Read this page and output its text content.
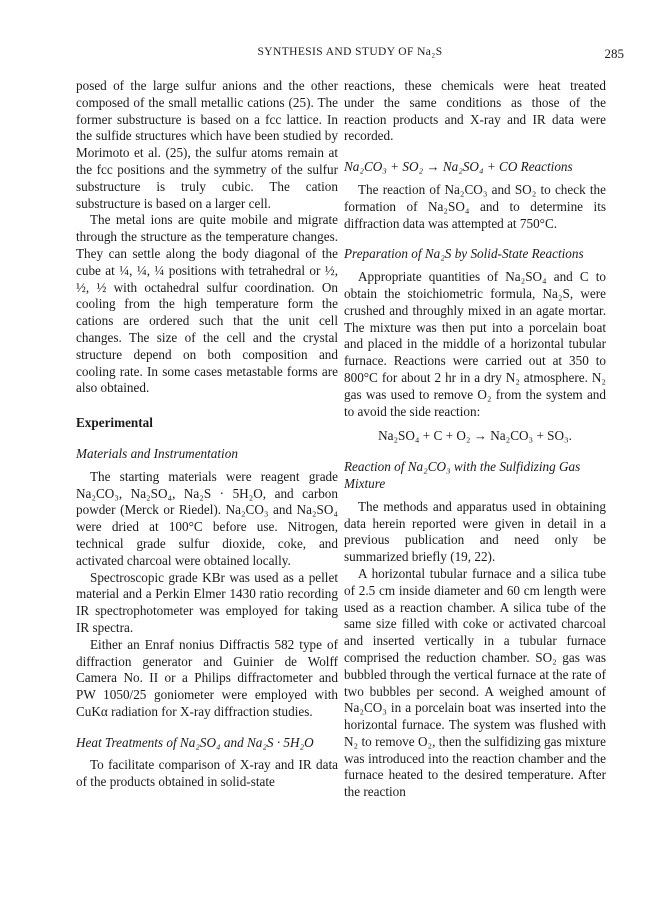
SYNTHESIS AND STUDY OF Na₂S	285

posed of the large sulfur anions and the other composed of the small metallic cations (25). The former substructure is based on a fcc lattice. In the sulfide structures which have been studied by Morimoto et al. (25), the sulfur atoms remain at the fcc positions and the symmetry of the sulfur substructure is truly cubic. The cation substructure is based on a larger cell.

The metal ions are quite mobile and migrate through the structure as the temperature changes. They can settle along the body diagonal of the cube at ¼, ¼, ¼ positions with tetrahedral or ½, ½, ½ with octahedral sulfur coordination. On cooling from the high temperature form the cations are ordered such that the unit cell changes. The size of the cell and the crystal structure depend on both composition and cooling rate. In some cases metastable forms are also obtained.

Experimental
Materials and Instrumentation

The starting materials were reagent grade Na₂CO₃, Na₂SO₄, Na₂S · 5H₂O, and carbon powder (Merck or Riedel). Na₂CO₃ and Na₂SO₄ were dried at 100°C before use. Nitrogen, technical grade sulfur dioxide, coke, and activated charcoal were obtained locally.

Spectroscopic grade KBr was used as a pellet material and a Perkin Elmer 1430 ratio recording IR spectrophotometer was employed for taking IR spectra.

Either an Enraf nonius Diffractis 582 type of diffraction generator and Guinier de Wolff Camera No. II or a Philips diffractometer and PW 1050/25 goniometer were employed with CuKα radiation for X-ray diffraction studies.

Heat Treatments of Na₂SO₄ and Na₂S · 5H₂O

To facilitate comparison of X-ray and IR data of the products obtained in solid-state

reactions, these chemicals were heat treated under the same conditions as those of the reaction products and X-ray and IR data were recorded.

Na₂CO₃ + SO₂ → Na₂SO₄ + CO Reactions

The reaction of Na₂CO₃ and SO₂ to check the formation of Na₂SO₄ and to determine its diffraction data was attempted at 750°C.

Preparation of Na₂S by Solid-State Reactions

Appropriate quantities of Na₂SO₄ and C to obtain the stoichiometric formula, Na₂S, were crushed and throughly mixed in an agate mortar. The mixture was then put into a porcelain boat and placed in the middle of a horizontal tubular furnace. Reactions were carried out at 350 to 800°C for about 2 hr in a dry N₂ atmosphere. N₂ gas was used to remove O₂ from the system and to avoid the side reaction:

Na₂SO₄ + C + O₂ → Na₂CO₃ + SO₃.
Reaction of Na₂CO₃ with the Sulfidizing Gas Mixture

The methods and apparatus used in obtaining data herein reported were given in detail in a previous publication and need only be summarized briefly (19, 22).

A horizontal tubular furnace and a silica tube of 2.5 cm inside diameter and 60 cm length were used as a reaction chamber. A silica tube of the same size filled with coke or activated charcoal and inserted vertically in a tubular furnace comprised the reduction chamber. SO₂ gas was bubbled through the vertical furnace at the rate of two bubbles per second. A weighed amount of Na₂CO₃ in a porcelain boat was inserted into the horizontal furnace. The system was flushed with N₂ to remove O₂, then the sulfidizing gas mixture was introduced into the reaction chamber and the furnace heated to the desired temperature. After the reaction
